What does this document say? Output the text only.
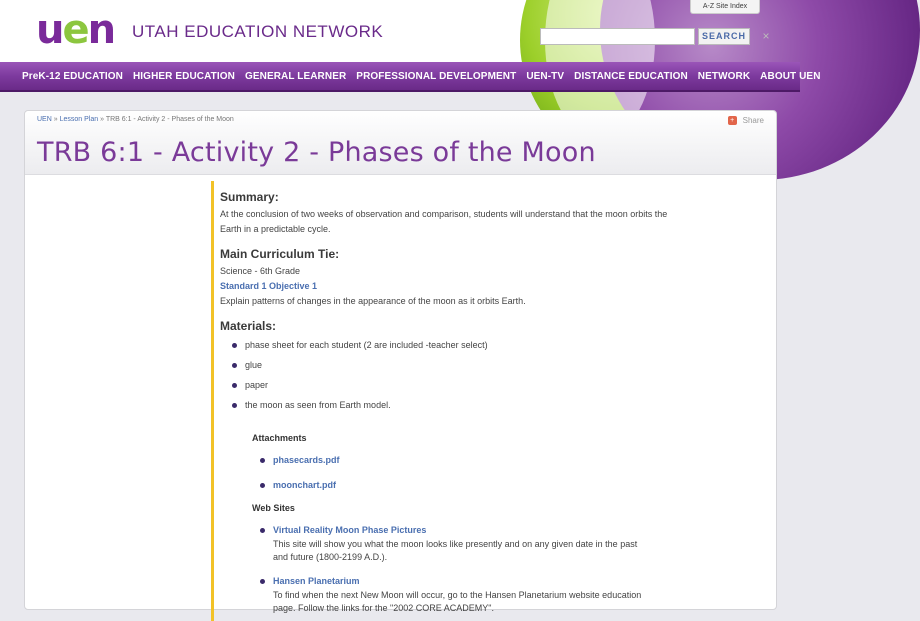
uen UTAH EDUCATION NETWORK
A-Z Site Index
SEARCH	×
PreK-12 EDUCATION HIGHER EDUCATION GENERAL LEARNER PROFESSIONAL DEVELOPMENT UEN-TV DISTANCE EDUCATION NETWORK ABOUT UEN
UEN » Lesson Plan » TRB 6:1 - Activity 2 - Phases of the Moon	+	Share
TRB 6:1 - Activity 2 - Phases of the Moon
Summary:
At the conclusion of two weeks of observation and comparison, students will understand that the moon orbits the Earth in a predictable cycle.
Main Curriculum Tie:
Science - 6th Grade
Standard 1 Objective 1
Explain patterns of changes in the appearance of the moon as it orbits Earth.
Materials:
phase sheet for each student (2 are included -teacher select)
glue
paper
the moon as seen from Earth model.
Attachments
phasecards.pdf
moonchart.pdf
Web Sites
Virtual Reality Moon Phase Pictures
This site will show you what the moon looks like presently and on any given date in the past and future (1800-2199 A.D.).
Hansen Planetarium
To find when the next New Moon will occur, go to the Hansen Planetarium website education page. Follow the links for the "2002 CORE ACADEMY".
